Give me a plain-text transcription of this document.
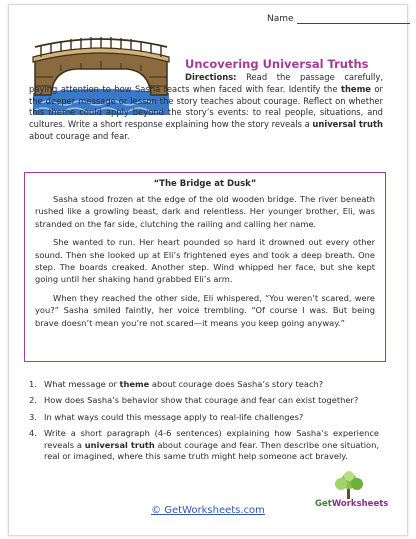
Name
Uncovering Universal Truths
Directions: Read the passage carefully, paying attention to how Sasha reacts when faced with fear. Identify the theme or the deeper message or lesson the story teaches about courage. Reflect on whether this theme could apply beyond the story’s events: to real people, situations, and cultures. Write a short response explaining how the story reveals a universal truth about courage and fear.
“The Bridge at Dusk”

Sasha stood frozen at the edge of the old wooden bridge. The river beneath rushed like a growling beast, dark and relentless. Her younger brother, Eli, was stranded on the far side, clutching the railing and calling her name.

She wanted to run. Her heart pounded so hard it drowned out every other sound. Then she looked up at Eli’s frightened eyes and took a deep breath. One step. The boards creaked. Another step. Wind whipped her face, but she kept going until her shaking hand grabbed Eli’s arm.

When they reached the other side, Eli whispered, “You weren’t scared, were you?” Sasha smiled faintly, her voice trembling. “Of course I was. But being brave doesn’t mean you’re not scared—it means you keep going anyway.”

1. What message or theme about courage does Sasha’s story teach?
2. How does Sasha’s behavior show that courage and fear can exist together?
3. In what ways could this message apply to real-life challenges?
4. Write a short paragraph (4-6 sentences) explaining how Sasha’s experience reveals a universal truth about courage and fear. Then describe one situation, real or imagined, where this same truth might help someone act bravely.
GetWorksheets
© GetWorksheets.com
